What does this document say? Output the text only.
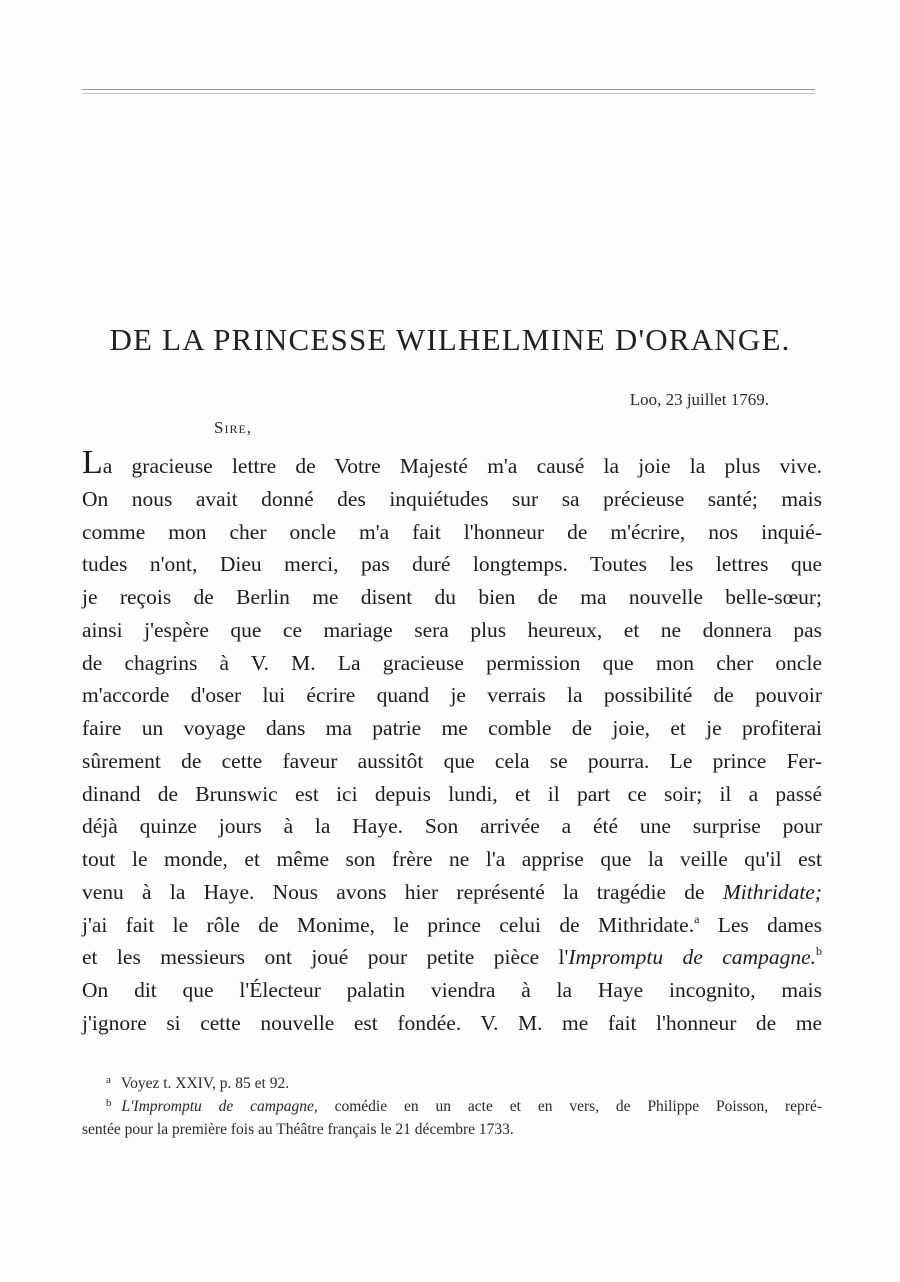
DE LA PRINCESSE WILHELMINE D'ORANGE.
Loo, 23 juillet 1769.
Sire,
La gracieuse lettre de Votre Majesté m'a causé la joie la plus vive.
On nous avait donné des inquiétudes sur sa précieuse santé; mais
comme mon cher oncle m'a fait l'honneur de m'écrire, nos inquié-
tudes n'ont, Dieu merci, pas duré longtemps. Toutes les lettres que
je reçois de Berlin me disent du bien de ma nouvelle belle-sœur;
ainsi j'espère que ce mariage sera plus heureux, et ne donnera pas
de chagrins à V. M. La gracieuse permission que mon cher oncle
m'accorde d'oser lui écrire quand je verrais la possibilité de pouvoir
faire un voyage dans ma patrie me comble de joie, et je profiterai
sûrement de cette faveur aussitôt que cela se pourra. Le prince Fer-
dinand de Brunswic est ici depuis lundi, et il part ce soir; il a passé
déjà quinze jours à la Haye. Son arrivée a été une surprise pour
tout le monde, et même son frère ne l'a apprise que la veille qu'il est
venu à la Haye. Nous avons hier représenté la tragédie de Mithridate;
j'ai fait le rôle de Monime, le prince celui de Mithridate.$^a$ Les dames
et les messieurs ont joué pour petite pièce l'Impromptu de campagne.$^b$
On dit que l'Électeur palatin viendra à la Haye incognito, mais
j'ignore si cette nouvelle est fondée. V. M. me fait l'honneur de me
$^a$ Voyez t. XXIV, p. 85 et 92.
$^b$ L'Impromptu de campagne, comédie en un acte et en vers, de Philippe Poisson, repré-
sentée pour la première fois au Théâtre français le 21 décembre 1733.
